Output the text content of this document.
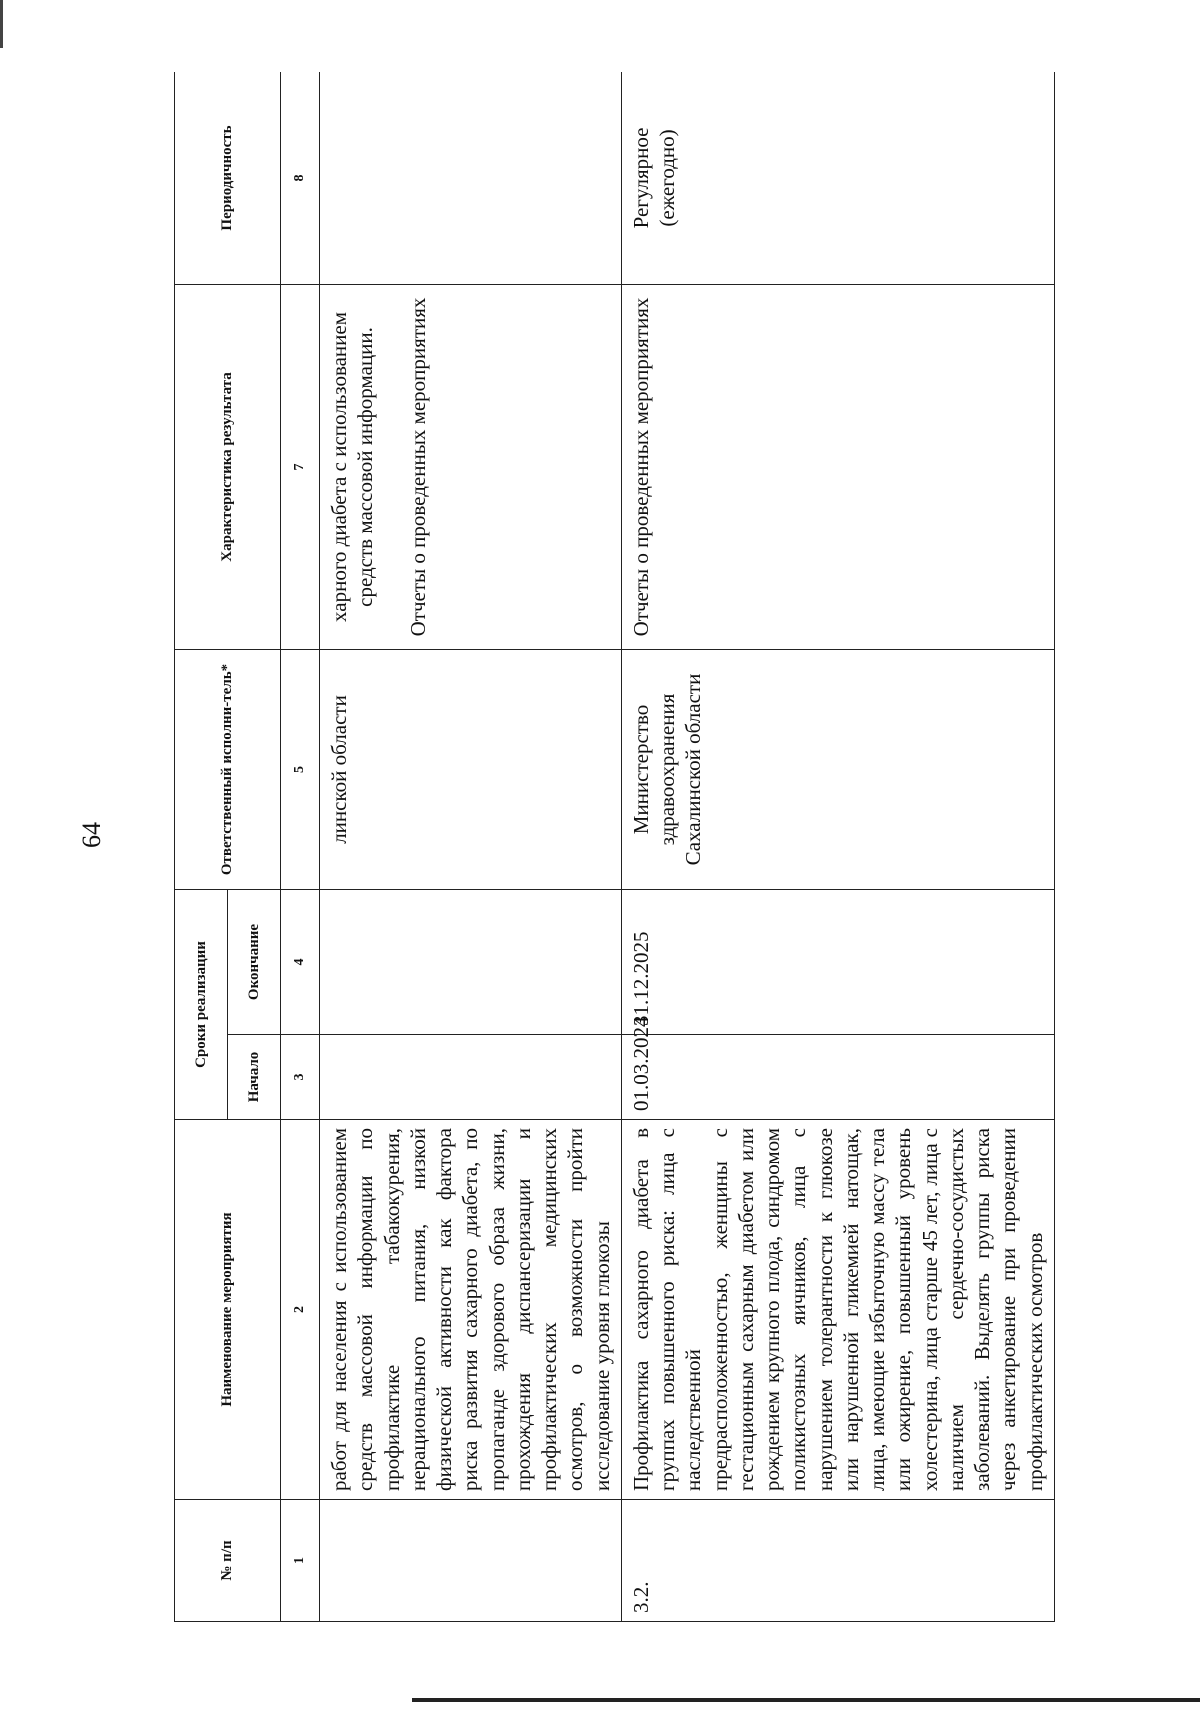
64
№ п/п	Наименование мероприятия	Сроки реализации		Ответственный исполни-тель*	Характеристика результата	Периодичность
		Начало	Окончание			
1	2	3	4	5	7	8
	работ для населения с использованием средств массовой информации по профилактике табакокурения, нерационального питания, низкой физической активности как фактора риска развития сахарного диабета, по пропаганде здорового образа жизни, прохождения диспансеризации и профилактических медицинских осмотров, о возможности пройти исследование уровня глюкозы			линской области	харного диабета с использованием средств массовой информации. Отчеты о проведенных мероприятиях	

3.2.	Профилактика сахарного диабета в группах повышенного риска: лица с наследственной предрасположенностью, женщины с гестационным сахарным диабетом или рождением крупного плода, синдромом поликистозных яичников, лица с нарушением толерантности к глюкозе или нарушенной гликемией натощак, лица, имеющие избыточную массу тела или ожирение, повышенный уровень холестерина, лица старше 45 лет, лица с наличием сердечно-сосудистых заболеваний. Выделять группы риска через анкетирование при проведении профилактических осмотров	01.03.2024	31.12.2025	Министерство здравоохранения Сахалинской области	Отчеты о проведенных мероприятиях	Регулярное (ежегодно)
